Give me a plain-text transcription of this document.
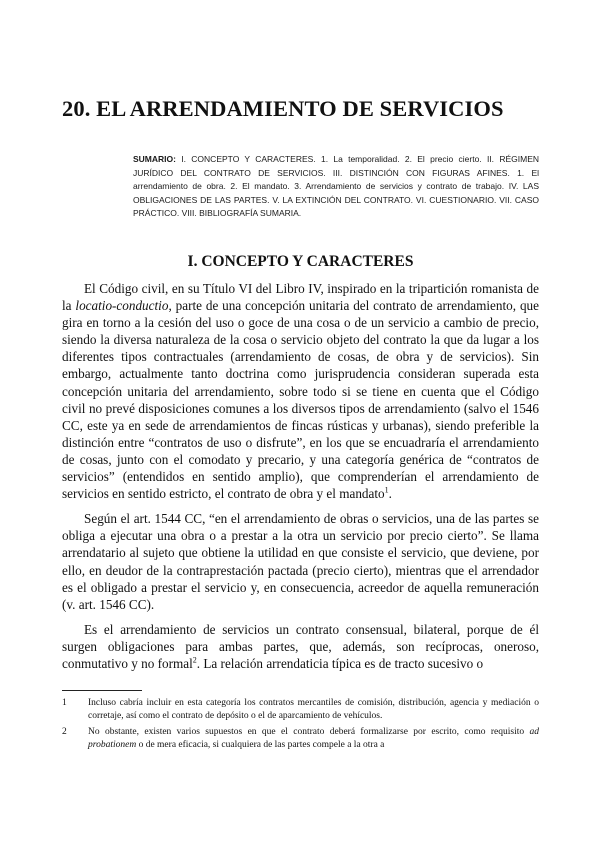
20. EL ARRENDAMIENTO DE SERVICIOS
SUMARIO: I. CONCEPTO Y CARACTERES. 1. La temporalidad. 2. El precio cierto. II. RÉGIMEN JURÍDICO DEL CONTRATO DE SERVICIOS. III. DISTINCIÓN CON FIGURAS AFINES. 1. El arrendamiento de obra. 2. El mandato. 3. Arrendamiento de servicios y contrato de trabajo. IV. LAS OBLIGACIONES DE LAS PARTES. V. LA EXTINCIÓN DEL CONTRATO. VI. CUESTIONARIO. VII. CASO PRÁCTICO. VIII. BIBLIOGRAFÍA SUMARIA.
I. CONCEPTO Y CARACTERES

El Código civil, en su Título VI del Libro IV, inspirado en la tripartición romanista de la locatio-conductio, parte de una concepción unitaria del contrato de arrendamiento, que gira en torno a la cesión del uso o goce de una cosa o de un servicio a cambio de precio, siendo la diversa naturaleza de la cosa o servicio objeto del contrato la que da lugar a los diferentes tipos contractuales (arrendamiento de cosas, de obra y de servicios). Sin embargo, actualmente tanto doctrina como jurisprudencia consideran superada esta concepción unitaria del arrendamiento, sobre todo si se tiene en cuenta que el Código civil no prevé disposiciones comunes a los diversos tipos de arrendamiento (salvo el 1546 CC, este ya en sede de arrendamientos de fincas rústicas y urbanas), siendo preferible la distinción entre “contratos de uso o disfrute”, en los que se encuadraría el arrendamiento de cosas, junto con el comodato y precario, y una categoría genérica de “contratos de servicios” (entendidos en sentido amplio), que comprenderían el arrendamiento de servicios en sentido estricto, el contrato de obra y el mandato$^1$.

Según el art. 1544 CC, “en el arrendamiento de obras o servicios, una de las partes se obliga a ejecutar una obra o a prestar a la otra un servicio por precio cierto”. Se llama arrendatario al sujeto que obtiene la utilidad en que consiste el servicio, que deviene, por ello, en deudor de la contraprestación pactada (precio cierto), mientras que el arrendador es el obligado a prestar el servicio y, en consecuencia, acreedor de aquella remuneración (v. art. 1546 CC).

Es el arrendamiento de servicios un contrato consensual, bilateral, porque de él surgen obligaciones para ambas partes, que, además, son recíprocas, oneroso, conmutativo y no formal$^2$. La relación arrendaticia típica es de tracto sucesivo o

1	Incluso cabría incluir en esta categoría los contratos mercantiles de comisión, distribución, agencia y mediación o corretaje, así como el contrato de depósito o el de aparcamiento de vehículos.
2	No obstante, existen varios supuestos en que el contrato deberá formalizarse por escrito, como requisito ad probationem o de mera eficacia, si cualquiera de las partes compele a la otra a
